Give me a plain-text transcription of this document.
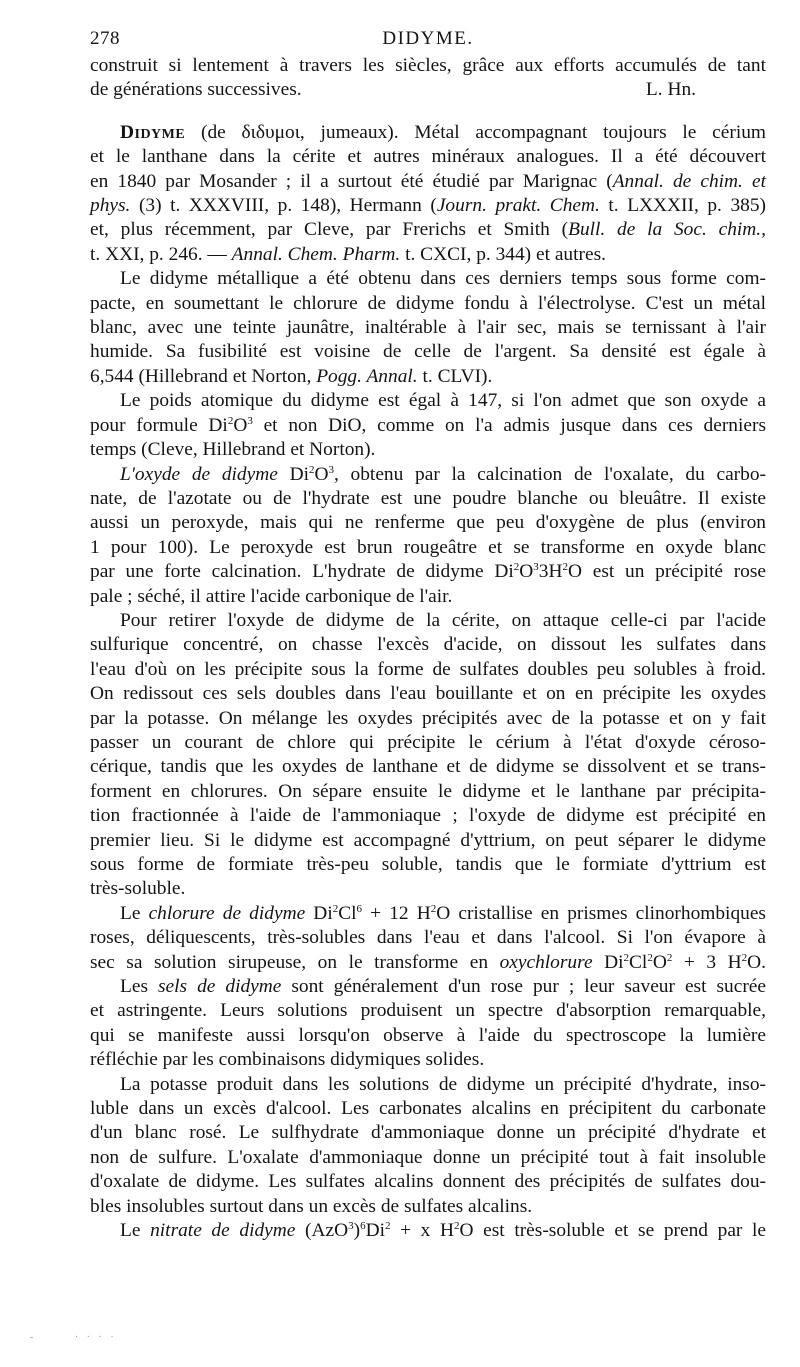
278	DIDYME.

construit si lentement à travers les siècles, grâce aux efforts accumulés de tant
de générations successives.	L. Hn.

Didyme (de διδυμοι, jumeaux). Métal accompagnant toujours le cérium
et le lanthane dans la cérite et autres minéraux analogues. Il a été découvert
en 1840 par Mosander ; il a surtout été étudié par Marignac (Annal. de chim. et
phys. (3) t. XXXVIII, p. 148), Hermann (Journ. prakt. Chem. t. LXXXII, p. 385)
et, plus récemment, par Cleve, par Frerichs et Smith (Bull. de la Soc. chim.,
t. XXI, p. 246. — Annal. Chem. Pharm. t. CXCI, p. 344) et autres.

Le didyme métallique a été obtenu dans ces derniers temps sous forme com-
pacte, en soumettant le chlorure de didyme fondu à l'électrolyse. C'est un métal
blanc, avec une teinte jaunâtre, inaltérable à l'air sec, mais se ternissant à l'air
humide. Sa fusibilité est voisine de celle de l'argent. Sa densité est égale à
6,544 (Hillebrand et Norton, Pogg. Annal. t. CLVI).

Le poids atomique du didyme est égal à 147, si l'on admet que son oxyde a
pour formule $Di^2O^3$ et non DiO, comme on l'a admis jusque dans ces derniers
temps (Cleve, Hillebrand et Norton).

L'oxyde de didyme $Di^2O^3$, obtenu par la calcination de l'oxalate, du carbo-
nate, de l'azotate ou de l'hydrate est une poudre blanche ou bleuâtre. Il existe
aussi un peroxyde, mais qui ne renferme que peu d'oxygène de plus (environ
1 pour 100). Le peroxyde est brun rougeâtre et se transforme en oxyde blanc
par une forte calcination. L'hydrate de didyme $Di^2O^33H^2O$ est un précipité rose
pale ; séché, il attire l'acide carbonique de l'air.

Pour retirer l'oxyde de didyme de la cérite, on attaque celle-ci par l'acide
sulfurique concentré, on chasse l'excès d'acide, on dissout les sulfates dans
l'eau d'où on les précipite sous la forme de sulfates doubles peu solubles à froid.
On redissout ces sels doubles dans l'eau bouillante et on en précipite les oxydes
par la potasse. On mélange les oxydes précipités avec de la potasse et on y fait
passer un courant de chlore qui précipite le cérium à l'état d'oxyde céroso-
cérique, tandis que les oxydes de lanthane et de didyme se dissolvent et se trans-
forment en chlorures. On sépare ensuite le didyme et le lanthane par précipita-
tion fractionnée à l'aide de l'ammoniaque ; l'oxyde de didyme est précipité en
premier lieu. Si le didyme est accompagné d'yttrium, on peut séparer le didyme
sous forme de formiate très-peu soluble, tandis que le formiate d'yttrium est
très-soluble.

Le chlorure de didyme $Di^2Cl^6 + 12$ $H^2O$ cristallise en prismes clinorhombiques
roses, déliquescents, très-solubles dans l'eau et dans l'alcool. Si l'on évapore à
sec sa solution sirupeuse, on le transforme en oxychlorure $Di^2Cl^2O^2 + 3$ $H^2O$.

Les sels de didyme sont généralement d'un rose pur ; leur saveur est sucrée
et astringente. Leurs solutions produisent un spectre d'absorption remarquable,
qui se manifeste aussi lorsqu'on observe à l'aide du spectroscope la lumière
réfléchie par les combinaisons didymiques solides.

La potasse produit dans les solutions de didyme un précipité d'hydrate, inso-
luble dans un excès d'alcool. Les carbonates alcalins en précipitent du carbonate
d'un blanc rosé. Le sulfhydrate d'ammoniaque donne un précipité d'hydrate et
non de sulfure. L'oxalate d'ammoniaque donne un précipité tout à fait insoluble
d'oxalate de didyme. Les sulfates alcalins donnent des précipités de sulfates dou-
bles insolubles surtout dans un excès de sulfates alcalins.

Le nitrate de didyme $(AzO^3)^6Di^2 + x$ $H^2O$ est très-soluble et se prend par le

-       · · · ·
